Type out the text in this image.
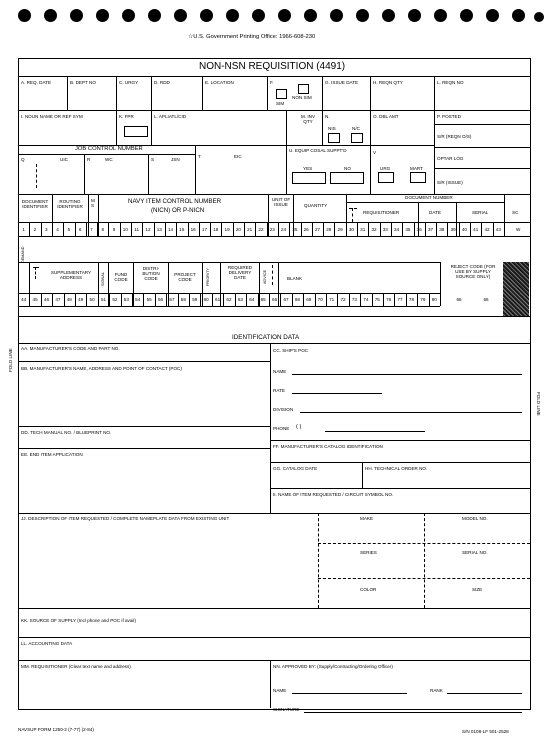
☆U.S. Government Printing Office: 1966-608-230
NON-NSN REQUISITION (4491)
A. REQ. DATE	B. DEPT NO	C. URGY	D. RDD	E. LOCATION	F.
SIM
NON SIM
G. ISSUE DATE	H. REQN QTY	L. REQN NO
I. NOUN NAME OR REF SYM	K. FPR	L. APLIATL/CID	M. INV QTY
N.
NIS	N/C
O. DBL AMT	P. POSTED
S/R (REQN O/S)
JOB CONTROL NUMBER
Q	UIC	R	WC	S	JSN
T	EIC
U. EQUIP COSAL SUPPT'D
YES	NO
V
URG	MART
OPTAR LOG
S/R (ISSUE)
DOCUMENT IDENTIFIER
ROUTING IDENTIFIER
M S
NAVY ITEM CONTROL NUMBER
(NICN) OR P-NICN
UNIT OF ISSUE	QUANTITY
DOCUMENT NUMBER
REQUISITIONER	DATE	SERIAL	SC
1	2	3	4	5	6	7	8	9	10	11	12	13	14	15	16	17	18	19	20	21	22	23	24	25	26	27	28	29	30	31	32	33	34	35	36	37	38	39	40	41	42	43	W
DEMAND
SUPPLEMENTARY ADDRESS	SIGNAL	FUND CODE
DISTRI-BUTION CODE
PROJECT CODE	PRIORITY
REQUIRED DELIVERY DATE	ADVICE	BLANK
REJECT CODE (FOR USE BY SUPPLY SOURCE ONLY)
44	45	46	47	48	49	50	51	52	53	54	55	56	57	58	59	60	61	62	63	64	65	66	67	68	69	70	71	72	73	74	75	76	77	78	79	80	65	66
IDENTIFICATION DATA
AA. MANUFACTURER'S CODE AND PART NO.	CC. SHIP'S POC
BB. MANUFACTURER'S NAME, ADDRESS AND POINT OF CONTACT (POC)
NAME
RATE
DIVISION
PHONE ( )
DD. TECH MANUAL NO. / BLUEPRINT NO.
FF. MANUFACTURER'S CATALOG IDENTIFICATION
EE. END ITEM APPLICATION
GG. CATALOG DATE	HH. TECHNICAL ORDER NO.
II. NAME OF ITEM REQUESTED / CIRCUIT SYMBOL NO.
JJ. DESCRIPTION OF ITEM REQUESTED / COMPLETE NAMEPLATE DATA FROM EXISTING UNIT	MAKE	MODEL NO.
SERIES	SERIAL NO.
COLOR	SIZE
KK. SOURCE OF SUPPLY (Incl phone and POC if avail)
LL. ACCOUNTING DATA
MM. REQUISITIONER (Clear text name and address)	NN. APPROVED BY: (Supply/Contracting/Ordering Officer)
NAME	RANK
SIGNATURE
FOLD LINE
FOLD LINE
NAVSUP FORM 1250-2 (7-77) (2-84)	S/N 0108-LF 501-2528
